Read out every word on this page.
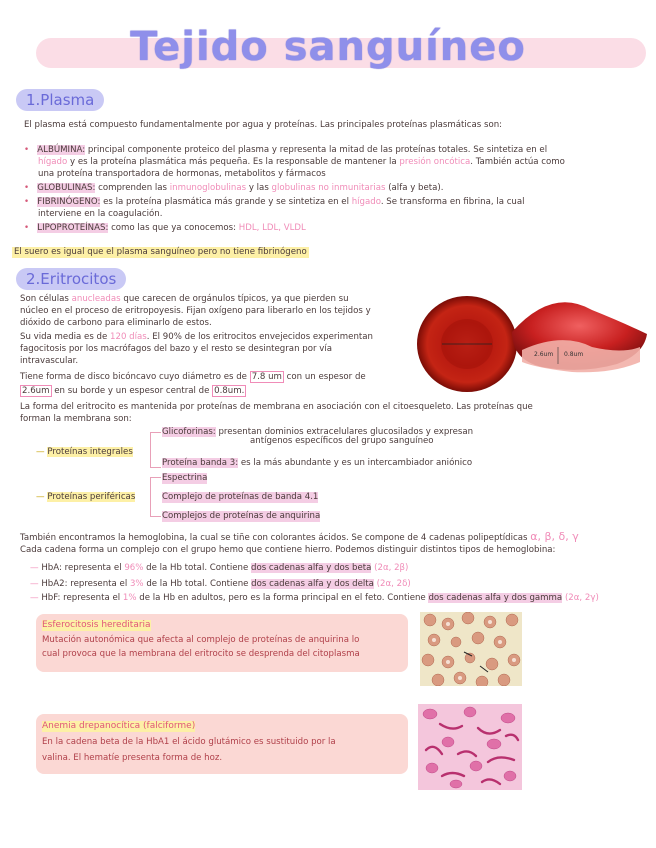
Tejido sanguíneo
1.Plasma
El plasma está compuesto fundamentalmente por agua y proteínas. Las principales proteínas plasmáticas son:
• ALBÚMINA: principal componente proteico del plasma y representa la mitad de las proteínas totales. Se sintetiza en el
hígado y es la proteína plasmática más pequeña. Es la responsable de mantener la presión oncótica. También actúa como
una proteína transportadora de hormonas, metabolitos y fármacos
• GLOBULINAS: comprenden las inmunoglobulinas y las globulinas no inmunitarias (alfa y beta).
• FIBRINÓGENO: es la proteína plasmática más grande y se sintetiza en el hígado. Se transforma en fibrina, la cual
interviene en la coagulación.
• LIPOPROTEÍNAS: como las que ya conocemos: HDL, LDL, VLDL
El suero es igual que el plasma sanguíneo pero no tiene fibrinógeno
2.Eritrocitos
Son células anucleadas que carecen de orgánulos típicos, ya que pierden su
núcleo en el proceso de eritropoyesis. Fijan oxígeno para liberarlo en los tejidos y
dióxido de carbono para eliminarlo de estos.
Su vida media es de 120 días. El 90% de los eritrocitos envejecidos experimentan
fagocitosis por los macrófagos del bazo y el resto se desintegran por vía
intravascular.
Tiene forma de disco bicóncavo cuyo diámetro es de 7.8 um con un espesor de
2.6um en su borde y un espesor central de 0.8um.
La forma del eritrocito es mantenida por proteínas de membrana en asociación con el citoesqueleto. Las proteínas que
forman la membrana son:
2.6um 0.8um
— Proteínas integrales
Glicoforinas: presentan dominios extracelulares glucosilados y expresan
antígenos específicos del grupo sanguíneo
Proteína banda 3: es la más abundante y es un intercambiador aniónico
— Proteínas periféricas
Espectrina
Complejo de proteínas de banda 4.1
Complejos de proteínas de anquirina
También encontramos la hemoglobina, la cual se tiñe con colorantes ácidos. Se compone de 4 cadenas polipeptídicas α, β, δ, γ
Cada cadena forma un complejo con el grupo hemo que contiene hierro. Podemos distinguir distintos tipos de hemoglobina:
— HbA: representa el 96% de la Hb total. Contiene dos cadenas alfa y dos beta (2α, 2β)
— HbA2: representa el 3% de la Hb total. Contiene dos cadenas alfa y dos delta (2α, 2δ)
— HbF: representa el 1% de la Hb en adultos, pero es la forma principal en el feto. Contiene dos cadenas alfa y dos gamma (2α, 2γ)
Esferocitosis hereditaria
Mutación autonómica que afecta al complejo de proteínas de anquirina lo
cual provoca que la membrana del eritrocito se desprenda del citoplasma
Anemia drepanocítica (falciforme)
En la cadena beta de la HbA1 el ácido glutámico es sustituido por la
valina. El hematíe presenta forma de hoz.
